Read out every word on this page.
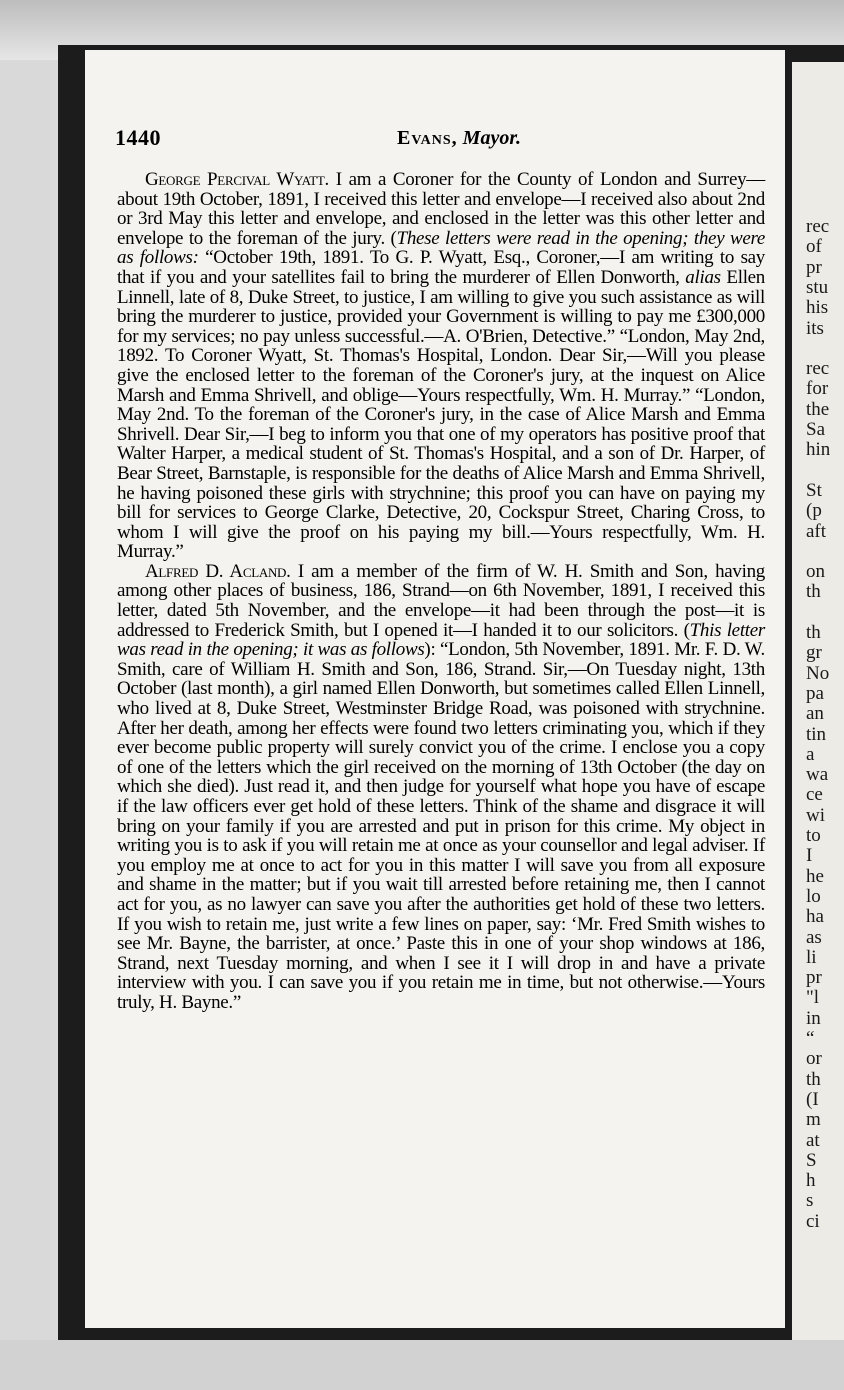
rec
of
pr
stu
his
its
rec
for
the
Sa
hin
St
(p
aft
on
th
th
gr
No
pa
an
tin
a
wa
ce
wi
to
I
he
lo
ha
as
li
pr
"l
in
“
or
th
(I
m
at
S
h
s
ci
1440	Evans, Mayor.

George Percival Wyatt. I am a Coroner for the County of London and Surrey—about 19th October, 1891, I received this letter and envelope—I received also about 2nd or 3rd May this letter and envelope, and enclosed in the letter was this other letter and envelope to the foreman of the jury. (These letters were read in the opening; they were as follows: “October 19th, 1891. To G. P. Wyatt, Esq., Coroner,—I am writing to say that if you and your satellites fail to bring the murderer of Ellen Donworth, alias Ellen Linnell, late of 8, Duke Street, to justice, I am willing to give you such assistance as will bring the murderer to justice, provided your Government is willing to pay me £300,000 for my services; no pay unless successful.—A. O'Brien, Detective.” “London, May 2nd, 1892. To Coroner Wyatt, St. Thomas's Hospital, London. Dear Sir,—Will you please give the enclosed letter to the foreman of the Coroner's jury, at the inquest on Alice Marsh and Emma Shrivell, and oblige—Yours respectfully, Wm. H. Murray.” “London, May 2nd. To the foreman of the Coroner's jury, in the case of Alice Marsh and Emma Shrivell. Dear Sir,—I beg to inform you that one of my operators has positive proof that Walter Harper, a medical student of St. Thomas's Hospital, and a son of Dr. Harper, of Bear Street, Barnstaple, is responsible for the deaths of Alice Marsh and Emma Shrivell, he having poisoned these girls with strychnine; this proof you can have on paying my bill for services to George Clarke, Detective, 20, Cockspur Street, Charing Cross, to whom I will give the proof on his paying my bill.—Yours respectfully, Wm. H. Murray.”

Alfred D. Acland. I am a member of the firm of W. H. Smith and Son, having among other places of business, 186, Strand—on 6th November, 1891, I received this letter, dated 5th November, and the envelope—it had been through the post—it is addressed to Frederick Smith, but I opened it—I handed it to our solicitors. (This letter was read in the opening; it was as follows): “London, 5th November, 1891. Mr. F. D. W. Smith, care of William H. Smith and Son, 186, Strand. Sir,—On Tuesday night, 13th October (last month), a girl named Ellen Donworth, but sometimes called Ellen Linnell, who lived at 8, Duke Street, Westminster Bridge Road, was poisoned with strychnine. After her death, among her effects were found two letters criminating you, which if they ever become public property will surely convict you of the crime. I enclose you a copy of one of the letters which the girl received on the morning of 13th October (the day on which she died). Just read it, and then judge for yourself what hope you have of escape if the law officers ever get hold of these letters. Think of the shame and disgrace it will bring on your family if you are arrested and put in prison for this crime. My object in writing you is to ask if you will retain me at once as your counsellor and legal adviser. If you employ me at once to act for you in this matter I will save you from all exposure and shame in the matter; but if you wait till arrested before retaining me, then I cannot act for you, as no lawyer can save you after the authorities get hold of these two letters. If you wish to retain me, just write a few lines on paper, say: ‘Mr. Fred Smith wishes to see Mr. Bayne, the barrister, at once.’ Paste this in one of your shop windows at 186, Strand, next Tuesday morning, and when I see it I will drop in and have a private interview with you. I can save you if you retain me in time, but not otherwise.—Yours truly, H. Bayne.”
